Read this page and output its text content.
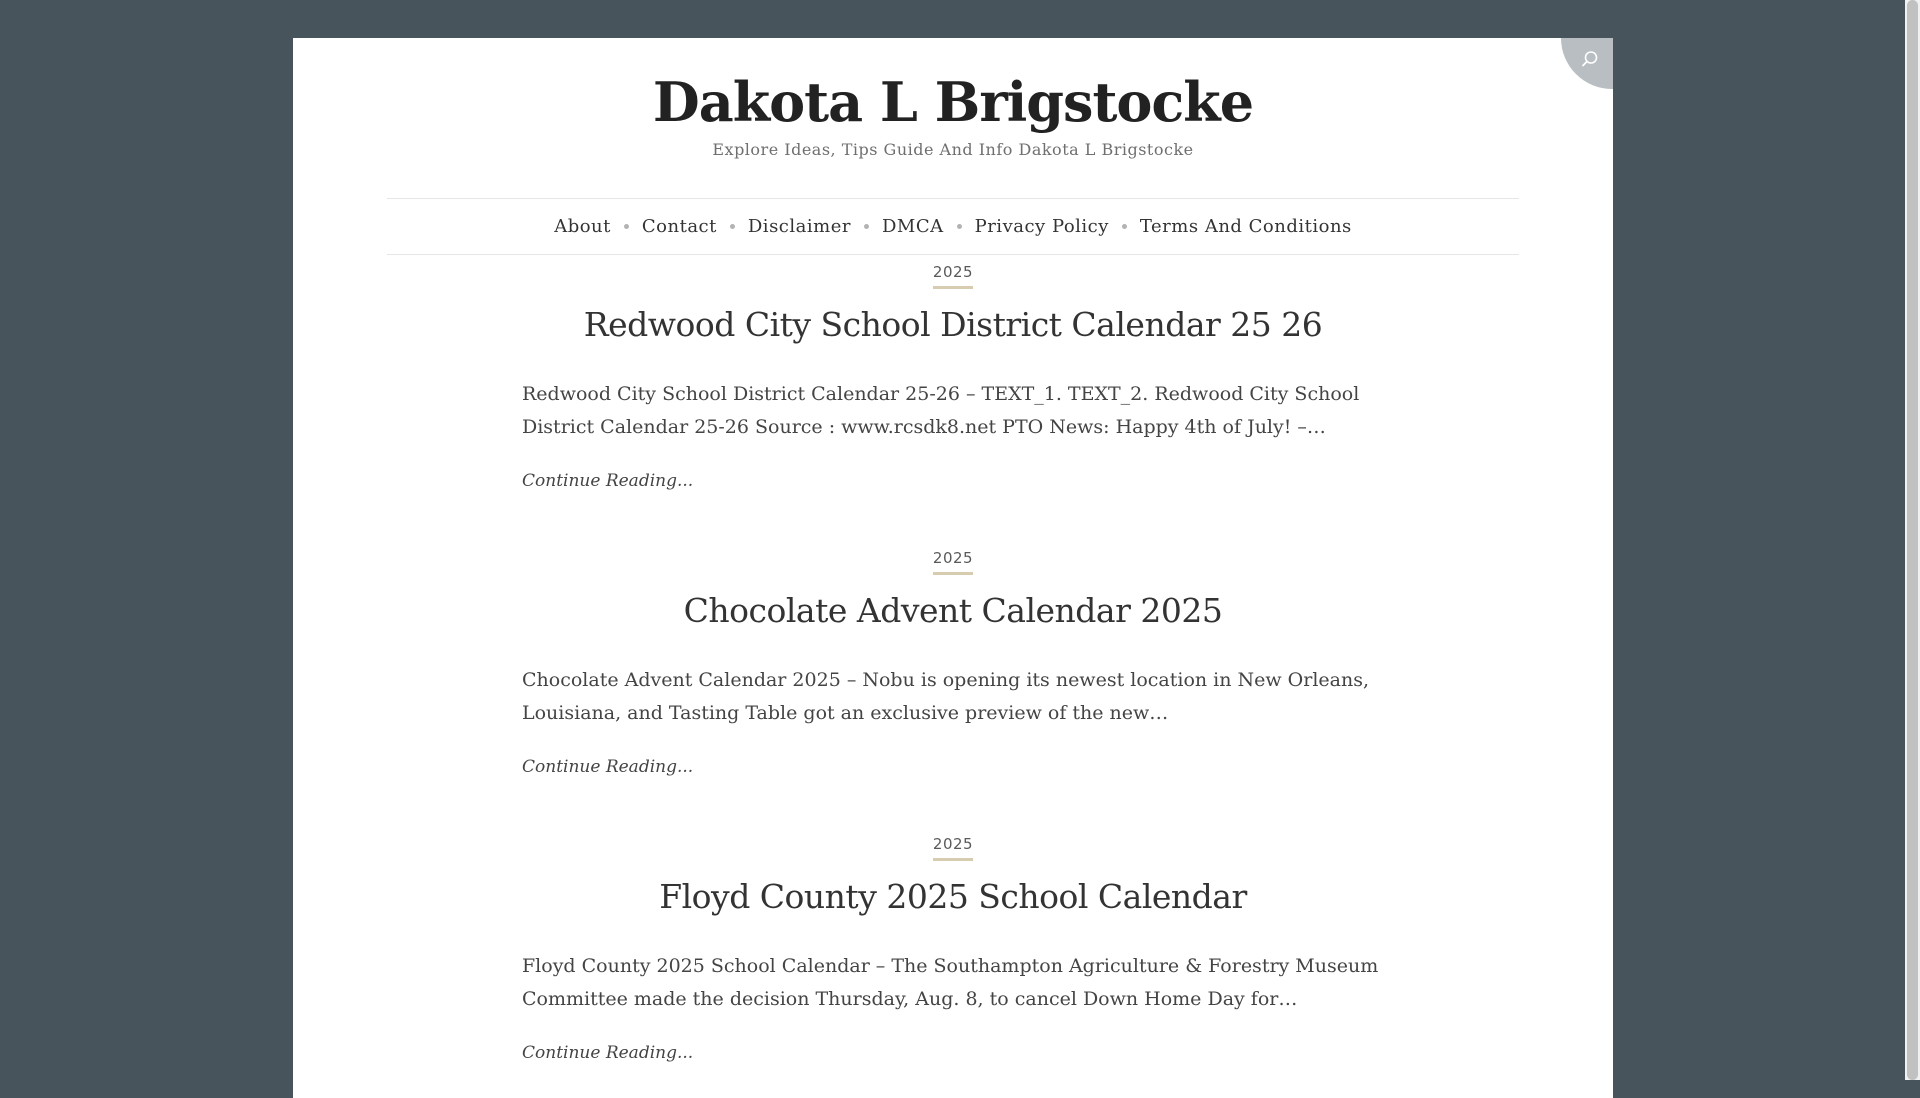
Dakota L Brigstocke
Explore Ideas, Tips Guide And Info Dakota L Brigstocke
About Contact Disclaimer DMCA Privacy Policy Terms And Conditions
2025
Redwood City School District Calendar 25 26
Redwood City School District Calendar 25-26 – TEXT_1. TEXT_2. Redwood City School District Calendar 25-26 Source : www.rcsdk8.net PTO News: Happy 4th of July! –…
Continue Reading...
2025
Chocolate Advent Calendar 2025
Chocolate Advent Calendar 2025 – Nobu is opening its newest location in New Orleans, Louisiana, and Tasting Table got an exclusive preview of the new…
Continue Reading...
2025
Floyd County 2025 School Calendar
Floyd County 2025 School Calendar – The Southampton Agriculture & Forestry Museum Committee made the decision Thursday, Aug. 8, to cancel Down Home Day for…
Continue Reading...
